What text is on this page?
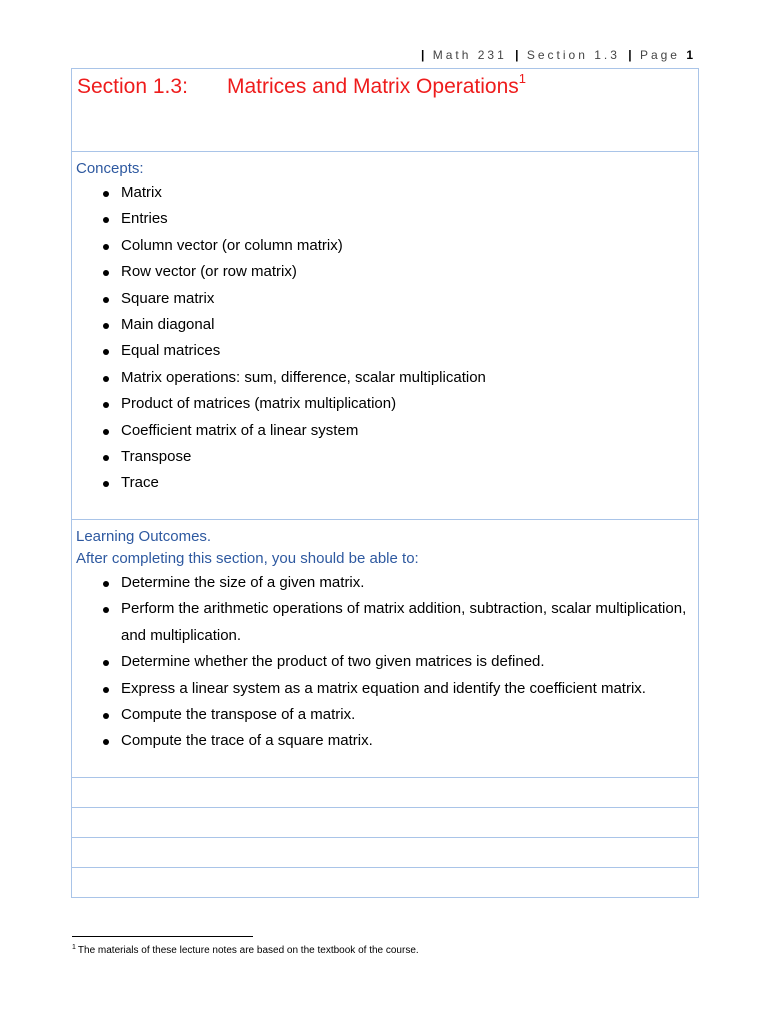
| Math 231 | Section 1.3 | Page 1
Section 1.3: Matrices and Matrix Operations$^1$
Concepts:
Matrix
Entries
Column vector (or column matrix)
Row vector (or row matrix)
Square matrix
Main diagonal
Equal matrices
Matrix operations: sum, difference, scalar multiplication
Product of matrices (matrix multiplication)
Coefficient matrix of a linear system
Transpose
Trace
Learning Outcomes.
After completing this section, you should be able to:
Determine the size of a given matrix.
Perform the arithmetic operations of matrix addition, subtraction, scalar multiplication, and multiplication.
Determine whether the product of two given matrices is defined.
Express a linear system as a matrix equation and identify the coefficient matrix.
Compute the transpose of a matrix.
Compute the trace of a square matrix.
$^1$ The materials of these lecture notes are based on the textbook of the course.
